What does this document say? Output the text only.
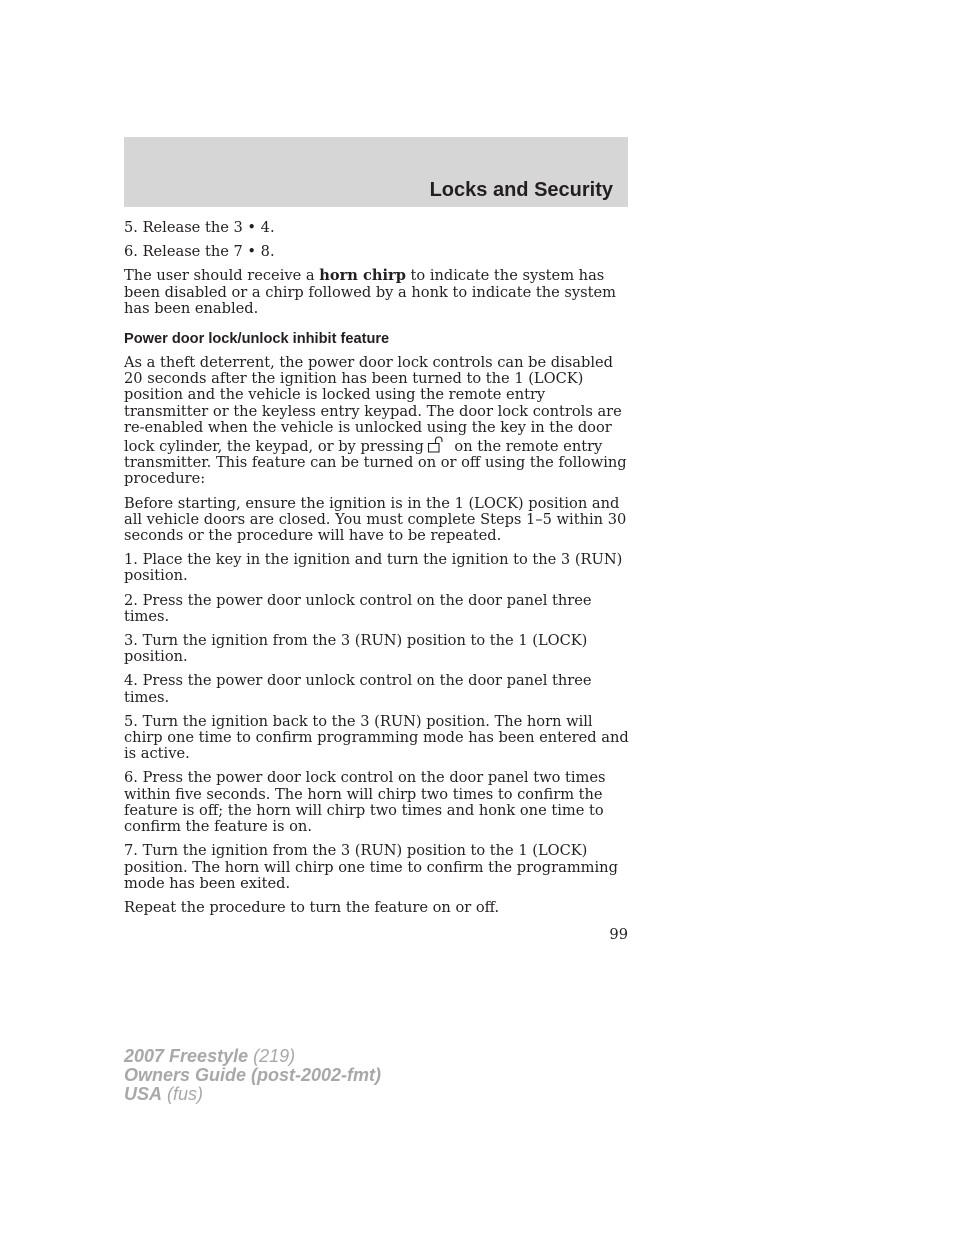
Locks and Security

5. Release the 3 • 4.

6. Release the 7 • 8.

The user should receive a horn chirp to indicate the system has been disabled or a chirp followed by a honk to indicate the system has been enabled.

Power door lock/unlock inhibit feature

As a theft deterrent, the power door lock controls can be disabled 20 seconds after the ignition has been turned to the 1 (LOCK) position and the vehicle is locked using the remote entry transmitter or the keyless entry keypad. The door lock controls are re-enabled when the vehicle is unlocked using the key in the door lock cylinder, the keypad, or by pressing on the remote entry transmitter. This feature can be turned on or off using the following procedure:

Before starting, ensure the ignition is in the 1 (LOCK) position and all vehicle doors are closed. You must complete Steps 1–5 within 30 seconds or the procedure will have to be repeated.

1. Place the key in the ignition and turn the ignition to the 3 (RUN) position.

2. Press the power door unlock control on the door panel three times.

3. Turn the ignition from the 3 (RUN) position to the 1 (LOCK) position.

4. Press the power door unlock control on the door panel three times.

5. Turn the ignition back to the 3 (RUN) position. The horn will chirp one time to confirm programming mode has been entered and is active.

6. Press the power door lock control on the door panel two times within five seconds. The horn will chirp two times to confirm the feature is off; the horn will chirp two times and honk one time to confirm the feature is on.

7. Turn the ignition from the 3 (RUN) position to the 1 (LOCK) position. The horn will chirp one time to confirm the programming mode has been exited.

Repeat the procedure to turn the feature on or off.

99
2007 Freestyle (219)
Owners Guide (post-2002-fmt)
USA (fus)
